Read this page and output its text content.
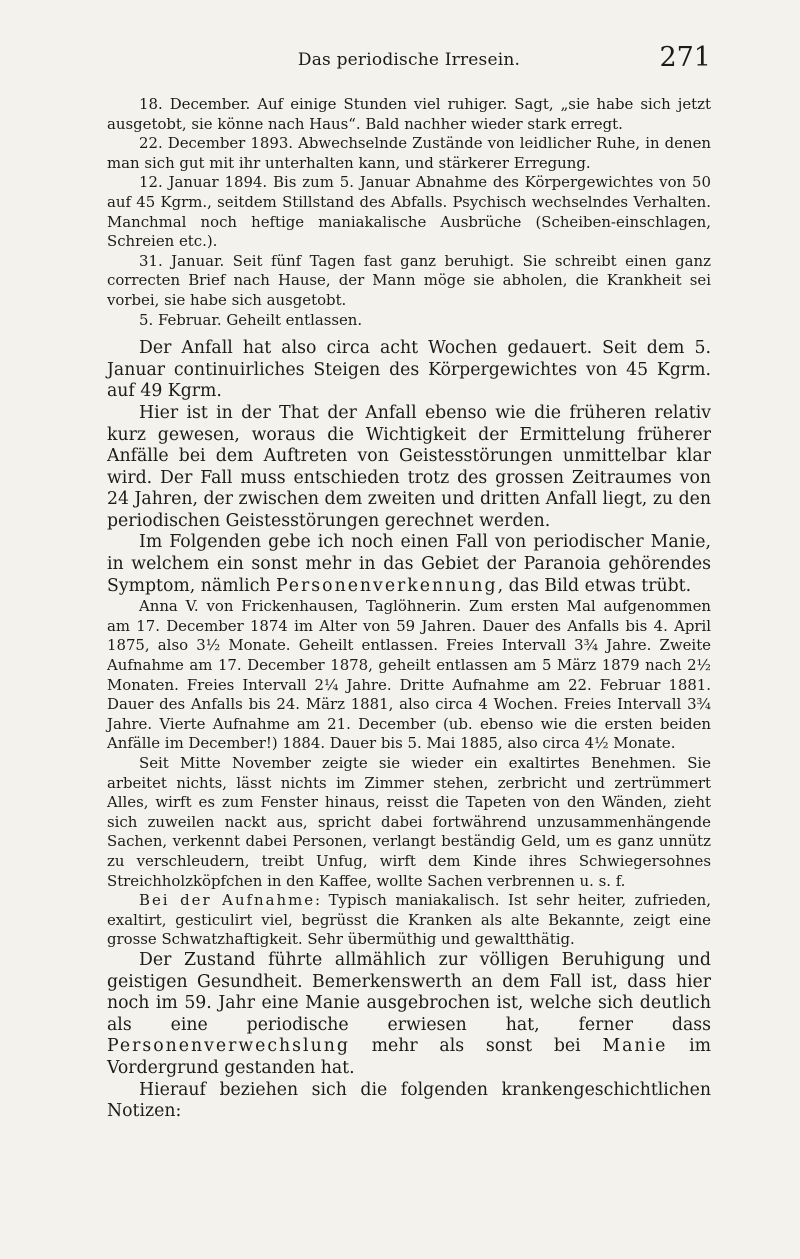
Das periodische Irresein.	271

18. December. Auf einige Stunden viel ruhiger. Sagt, „sie habe sich jetzt ausgetobt, sie könne nach Haus“. Bald nachher wieder stark erregt.

22. December 1893. Abwechselnde Zustände von leidlicher Ruhe, in denen man sich gut mit ihr unterhalten kann, und stärkerer Erregung.

12. Januar 1894. Bis zum 5. Januar Abnahme des Körpergewichtes von 50 auf 45 Kgrm., seitdem Stillstand des Abfalls. Psychisch wechselndes Verhalten. Manchmal noch heftige maniakalische Ausbrüche (Scheiben-einschlagen, Schreien etc.).

31. Januar. Seit fünf Tagen fast ganz beruhigt. Sie schreibt einen ganz correcten Brief nach Hause, der Mann möge sie abholen, die Krankheit sei vorbei, sie habe sich ausgetobt.

5. Februar. Geheilt entlassen.

Der Anfall hat also circa acht Wochen gedauert. Seit dem 5. Januar continuirliches Steigen des Körpergewichtes von 45 Kgrm. auf 49 Kgrm.

Hier ist in der That der Anfall ebenso wie die früheren relativ kurz gewesen, woraus die Wichtigkeit der Ermittelung früherer Anfälle bei dem Auftreten von Geistesstörungen unmittelbar klar wird. Der Fall muss entschieden trotz des grossen Zeitraumes von 24 Jahren, der zwischen dem zweiten und dritten Anfall liegt, zu den periodischen Geistesstörungen gerechnet werden.

Im Folgenden gebe ich noch einen Fall von periodischer Manie, in welchem ein sonst mehr in das Gebiet der Paranoia gehörendes Symptom, nämlich Personenverkennung, das Bild etwas trübt.

Anna V. von Frickenhausen, Taglöhnerin. Zum ersten Mal aufgenommen am 17. December 1874 im Alter von 59 Jahren. Dauer des Anfalls bis 4. April 1875, also 3½ Monate. Geheilt entlassen. Freies Intervall 3¾ Jahre. Zweite Aufnahme am 17. December 1878, geheilt entlassen am 5 März 1879 nach 2½ Monaten. Freies Intervall 2¼ Jahre. Dritte Aufnahme am 22. Februar 1881. Dauer des Anfalls bis 24. März 1881, also circa 4 Wochen. Freies Intervall 3¾ Jahre. Vierte Aufnahme am 21. December (ub. ebenso wie die ersten beiden Anfälle im December!) 1884. Dauer bis 5. Mai 1885, also circa 4½ Monate.

Seit Mitte November zeigte sie wieder ein exaltirtes Benehmen. Sie arbeitet nichts, lässt nichts im Zimmer stehen, zerbricht und zertrümmert Alles, wirft es zum Fenster hinaus, reisst die Tapeten von den Wänden, zieht sich zuweilen nackt aus, spricht dabei fortwährend unzusammenhängende Sachen, verkennt dabei Personen, verlangt beständig Geld, um es ganz unnütz zu verschleudern, treibt Unfug, wirft dem Kinde ihres Schwiegersohnes Streichholzköpfchen in den Kaffee, wollte Sachen verbrennen u. s. f.

Bei der Aufnahme: Typisch maniakalisch. Ist sehr heiter, zufrieden, exaltirt, gesticulirt viel, begrüsst die Kranken als alte Bekannte, zeigt eine grosse Schwatzhaftigkeit. Sehr übermüthig und gewaltthätig.

Der Zustand führte allmählich zur völligen Beruhigung und geistigen Gesundheit. Bemerkenswerth an dem Fall ist, dass hier noch im 59. Jahr eine Manie ausgebrochen ist, welche sich deutlich als eine periodische erwiesen hat, ferner dass Personenverwechslung mehr als sonst bei Manie im Vordergrund gestanden hat.

Hierauf beziehen sich die folgenden krankengeschichtlichen Notizen:
